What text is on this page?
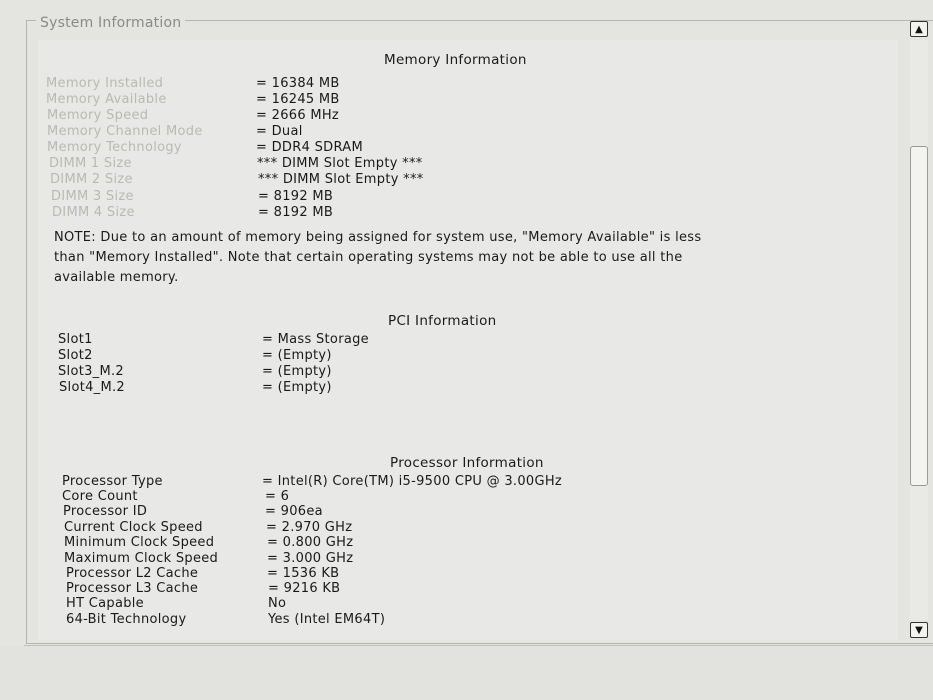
System Information
Memory Information
Memory Installed	= 16384 MB
Memory Available	= 16245 MB
Memory Speed	= 2666 MHz
Memory Channel Mode	= Dual
Memory Technology	= DDR4 SDRAM
DIMM 1 Size	*** DIMM Slot Empty ***
DIMM 2 Size	*** DIMM Slot Empty ***
DIMM 3 Size	= 8192 MB
DIMM 4 Size	= 8192 MB
NOTE: Due to an amount of memory being assigned for system use, "Memory Available" is less
than "Memory Installed". Note that certain operating systems may not be able to use all the
available memory.
PCI Information
Slot1	= Mass Storage
Slot2	= (Empty)
Slot3_M.2	= (Empty)
Slot4_M.2	= (Empty)
Processor Information
Processor Type	= Intel(R) Core(TM) i5-9500 CPU @ 3.00GHz
Core Count	= 6
Processor ID	= 906ea
Current Clock Speed	= 2.970 GHz
Minimum Clock Speed	= 0.800 GHz
Maximum Clock Speed	= 3.000 GHz
Processor L2 Cache	= 1536 KB
Processor L3 Cache	= 9216 KB
HT Capable	No
64-Bit Technology	Yes (Intel EM64T)
▲
▼
